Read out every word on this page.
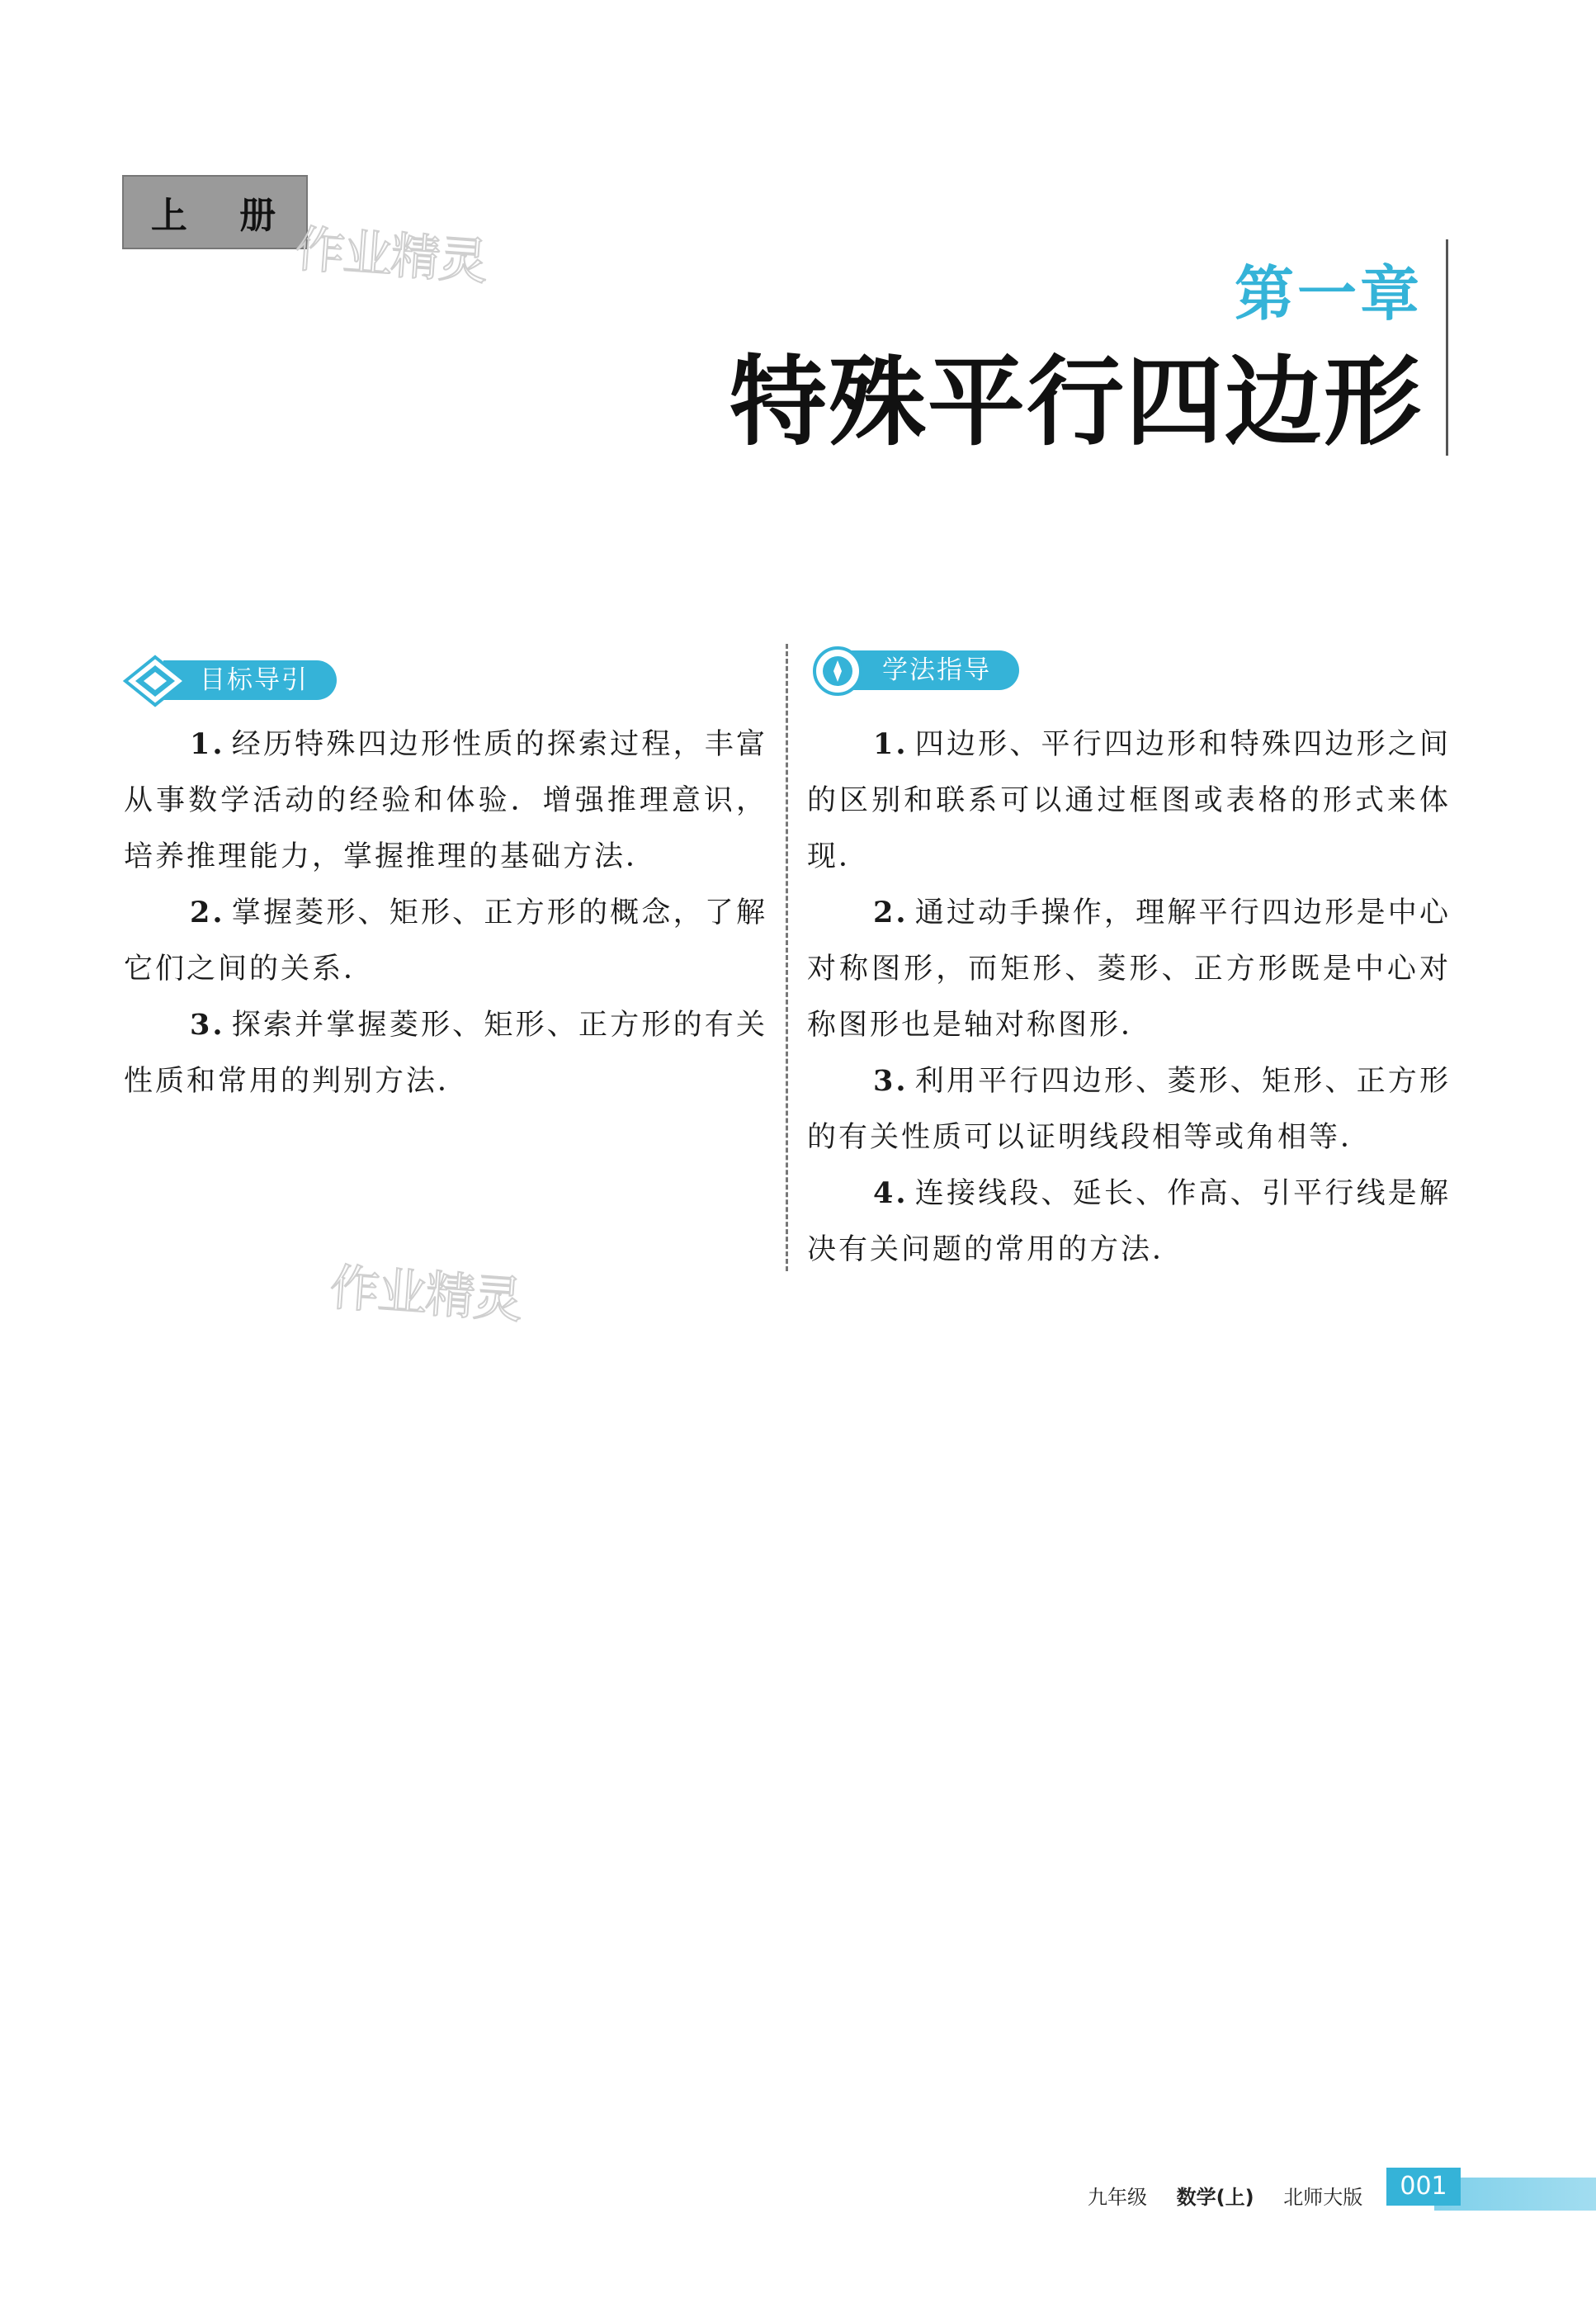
上 册
作业精灵
作业精灵
第一章
特殊平行四边形
目标导引	学法指导

1. 经历特殊四边形性质的探索过程，丰富从事数学活动的经验和体验．增强推理意识，培养推理能力，掌握推理的基础方法．

2. 掌握菱形、矩形、正方形的概念，了解它们之间的关系．

3. 探索并掌握菱形、矩形、正方形的有关性质和常用的判别方法．

1. 四边形、平行四边形和特殊四边形之间的区别和联系可以通过框图或表格的形式来体现．

2. 通过动手操作，理解平行四边形是中心对称图形，而矩形、菱形、正方形既是中心对称图形也是轴对称图形．

3. 利用平行四边形、菱形、矩形、正方形的有关性质可以证明线段相等或角相等．

4. 连接线段、延长、作高、引平行线是解决有关问题的常用的方法．

九年级 数学(上) 北师大版	001
